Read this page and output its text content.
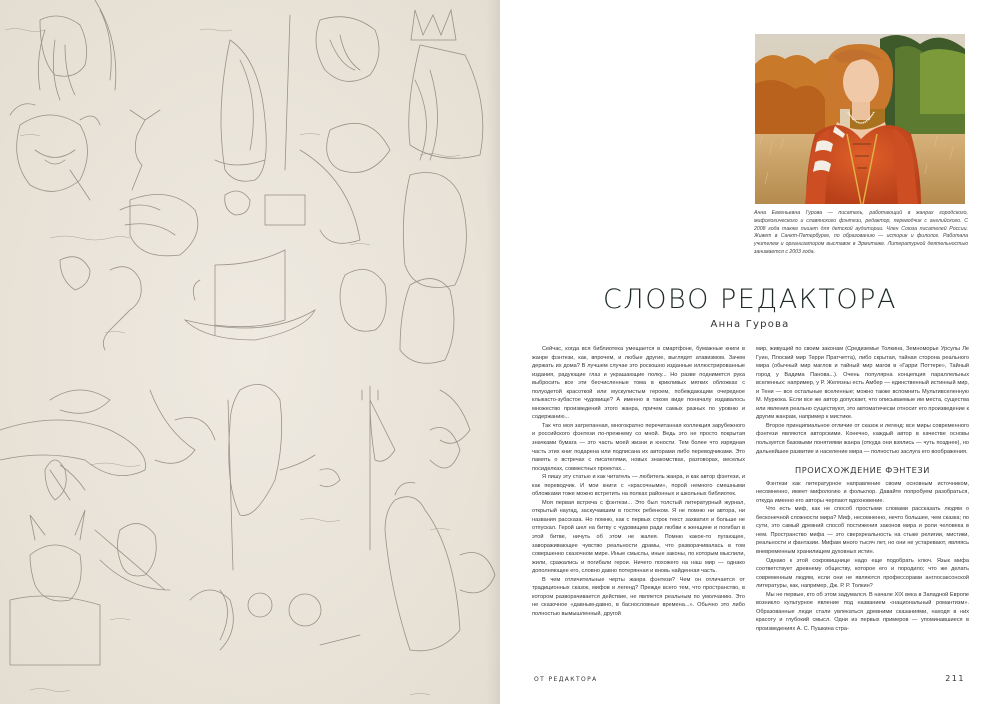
Анна Евгеньевна Гурова — писатель, работающий в жанрах городского, мифологического и славянского фэнтези, редактор, переводчик с английского. С 2008 года также пишет для детской аудитории. Член Союза писателей России. Живет в Санкт-Петербурге, по образованию — историк и филолог. Работала учителем и организатором выставок в Эрмитаже. Литературной деятельностью занимается с 2003 года.
СЛОВО РЕДАКТОРА
Анна Гурова

Сейчас, когда вся библиотека умещается в смартфоне, бумажные книги в жанре фэнтези, как, впрочем, и любые другие, выглядят атавизмом. Зачем держать их дома? В лучшем случае это роскошно изданные иллюстрированные издания, радующие глаз и украшающие полку... Но разве поднимется рука выбросить все эти бесчисленные тома в крикливых мягких обложках с полуодетой красоткой или мускулистым героем, побеждающим очередное клыкасто-зубастое чудовище? А именно в таком виде поначалу издавалось множество произведений этого жанра, причем самых разных по уровню и содержанию...

Так что моя затрепанная, многократно перечитанная коллекция зарубежного и российского фэнтези по-прежнему со мной. Ведь это не просто покрытая значками бумага — это часть моей жизни и юности. Тем более что изрядная часть этих книг подарена или подписана их авторами либо переводчиками. Это память о встречах с писателями, новых знакомствах, разговорах, веселых посиделках, совместных проектах...

Я пишу эту статью и как читатель — любитель жанра, и как автор фэнтези, и как переводчик. И мои книги с «красочными», порой немного смешными обложками тоже можно встретить на полках районных и школьных библиотек.

Моя первая встреча с фэнтези... Это был толстый литературный журнал, открытый наугад, заскучавшим в гостях ребенком. Я не помню ни автора, ни названия рассказа. Но помню, как с первых строк текст захватил и больше не отпускал. Герой шел на битву с чудовищем ради любви к женщине и погибал в этой битве, ничуть об этом не жалея. Помню какое-то пугающее, завораживающее чувство реальности драмы, что разворачивалась в том совершенно сказочном мире. Иные смыслы, иные законы, по которым мыслили, жили, сражались и погибали герои. Ничего похожего на наш мир — однако дополняющее его, словно давно потерянная и вновь найденная часть.

В чем отличительные черты жанра фэнтези? Чем он отличается от традиционных сказок, мифов и легенд? Прежде всего тем, что пространство, в котором разворачивается действие, не является реальным по умолчанию. Это не сказочное «давным-давно, в баснословные времена...». Обычно это либо полностью вымышленный, другой

мир, живущий по своим законам (Средиземье Толкина, Земноморье Урсулы Ле Гуин, Плоский мир Терри Пратчетта), либо скрытая, тайная сторона реального мира (обычный мир маглов и тайный мир магов в «Гарри Поттере», Тайный город у Вадима Панова...). Очень популярна концепция параллельных вселенных: например, у Р. Желязны есть Амбер — единственный истинный мир, и Тени — все остальные вселенные; можно также вспомнить Мультивселенную М. Муркока. Если все же автор допускает, что описываемые им места, существа или явления реально существуют, это автоматически относит его произведение к другим жанрам, например к мистике.

Второе принципиальное отличие от сказок и легенд: все миры современного фэнтези являются авторскими. Конечно, каждый автор в качестве основы пользуется базовыми понятиями жанра (откуда они взялись — чуть позднее), но дальнейшее развитие и население мира — полностью заслуга его воображения.

ПРОИСХОЖДЕНИЕ ФЭНТЕЗИ

Фэнтези как литературное направление своим основным источником, несомненно, имеет мифологию и фольклор. Давайте попробуем разобраться, откуда именно его авторы черпают вдохновение.

Что есть миф, как не способ простыми словами рассказать людям о бесконечной сложности мира? Миф, несомненно, нечто большее, чем сказка; по сути, это самый древний способ постижения законов мира и роли человека в нем. Пространство мифа — это сверхреальность на стыке религии, мистики, реальности и фантазии. Мифам много тысяч лет, но они не устаревают, являясь вневременным хранилищем духовных истин.

Однако к этой сокровищнице надо еще подобрать ключ. Язык мифа соответствует древнему обществу, которое его и породило; что же делать современным людям, если они не являются профессорами англосаксонской литературы, как, например, Дж. Р. Р. Толкин?

Мы не первые, кто об этом задумался. В начале XIX века в Западной Европе возникло культурное явление под названием «национальный романтизм». Образованные люди стали увлекаться древними сказаниями, находя в них красоту и глубокий смысл. Одни из первых примеров — упоминавшиеся в произведениях А. С. Пушкина стра-

ОТ РЕДАКТОРА	211
